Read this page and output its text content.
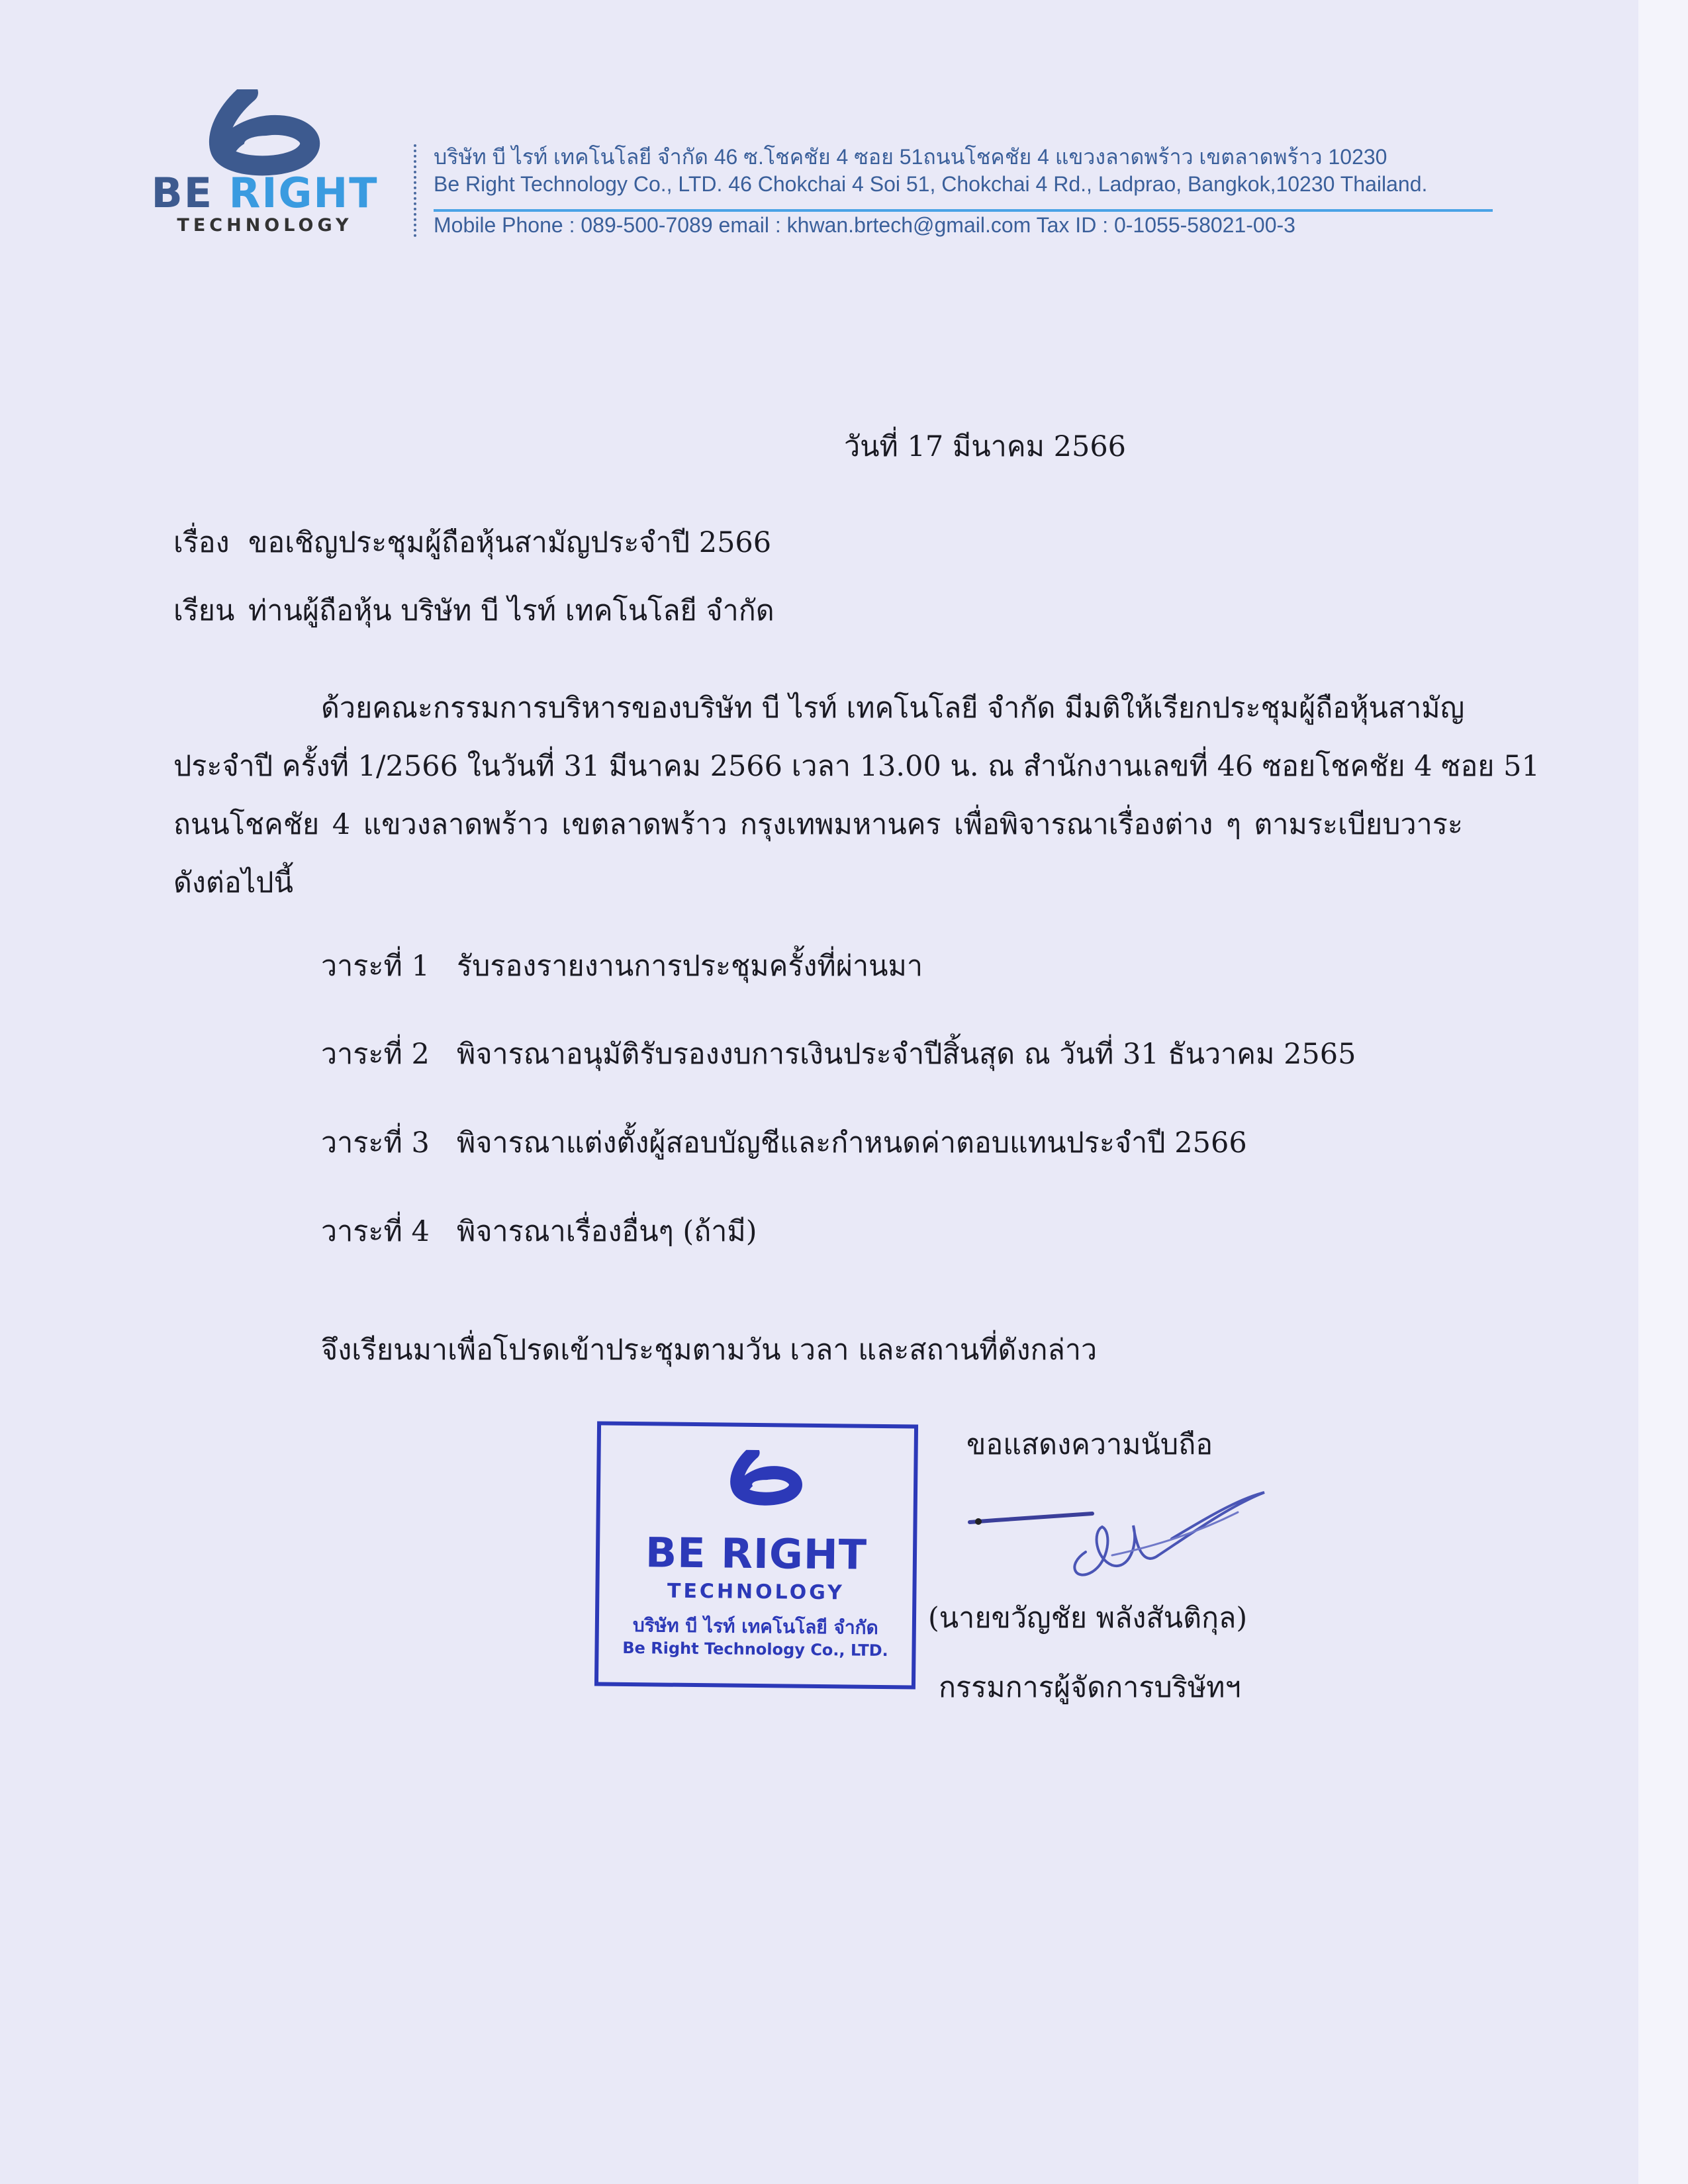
BE RIGHT
TECHNOLOGY
บริษัท บี ไรท์ เทคโนโลยี จำกัด 46 ซ.โชคชัย 4 ซอย 51ถนนโชคชัย 4 แขวงลาดพร้าว เขตลาดพร้าว 10230
Be Right Technology Co., LTD. 46 Chokchai 4 Soi 51, Chokchai 4 Rd., Ladprao, Bangkok,10230 Thailand.
Mobile Phone : 089-500-7089 email : khwan.brtech@gmail.com Tax ID : 0-1055-58021-00-3
วันที่ 17 มีนาคม 2566
เรื่อง ขอเชิญประชุมผู้ถือหุ้นสามัญประจำปี 2566
เรียน ท่านผู้ถือหุ้น บริษัท บี ไรท์ เทคโนโลยี จำกัด
ด้วยคณะกรรมการบริหารของบริษัท บี ไรท์ เทคโนโลยี จำกัด มีมติให้เรียกประชุมผู้ถือหุ้นสามัญ
ประจำปี ครั้งที่ 1/2566 ในวันที่ 31 มีนาคม 2566 เวลา 13.00 น. ณ สำนักงานเลขที่ 46 ซอยโชคชัย 4 ซอย 51
ถนนโชคชัย 4 แขวงลาดพร้าว เขตลาดพร้าว กรุงเทพมหานคร เพื่อพิจารณาเรื่องต่าง ๆ ตามระเบียบวาระ
ดังต่อไปนี้
วาระที่ 1 รับรองรายงานการประชุมครั้งที่ผ่านมา
วาระที่ 2 พิจารณาอนุมัติรับรองงบการเงินประจำปีสิ้นสุด ณ วันที่ 31 ธันวาคม 2565
วาระที่ 3 พิจารณาแต่งตั้งผู้สอบบัญชีและกำหนดค่าตอบแทนประจำปี 2566
วาระที่ 4 พิจารณาเรื่องอื่นๆ (ถ้ามี)
จึงเรียนมาเพื่อโปรดเข้าประชุมตามวัน เวลา และสถานที่ดังกล่าว
ขอแสดงความนับถือ
BE RIGHT
TECHNOLOGY
บริษัท บี ไรท์ เทคโนโลยี จำกัด
Be Right Technology Co., LTD.
(นายขวัญชัย พลังสันติกุล)
กรรมการผู้จัดการบริษัทฯ
